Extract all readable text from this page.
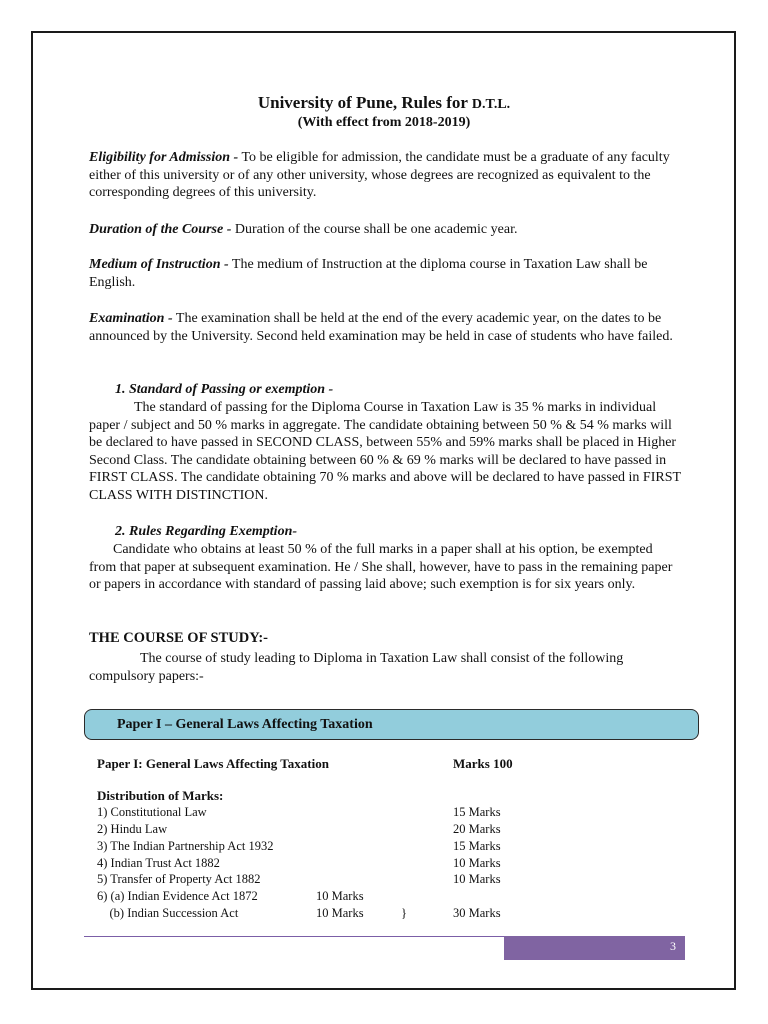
University of Pune, Rules for D.T.L.

(With effect from 2018-2019)

Eligibility for Admission - To be eligible for admission, the candidate must be a graduate of any faculty either of this university or of any other university, whose degrees are recognized as equivalent to the corresponding degrees of this university.

Duration of the Course - Duration of the course shall be one academic year.

Medium of Instruction - The medium of Instruction at the diploma course in Taxation Law shall be English.

Examination - The examination shall be held at the end of the every academic year, on the dates to be announced by the University. Second held examination may be held in case of students who have failed.

1. Standard of Passing or exemption -

The standard of passing for the Diploma Course in Taxation Law is 35 % marks in individual paper / subject and 50 % marks in aggregate. The candidate obtaining between 50 % & 54 % marks will be declared to have passed in SECOND CLASS, between 55% and 59% marks shall be placed in Higher Second Class. The candidate obtaining between 60 % & 69 % marks will be declared to have passed in FIRST CLASS. The candidate obtaining 70 % marks and above will be declared to have passed in FIRST CLASS WITH DISTINCTION.

2. Rules Regarding Exemption-

Candidate who obtains at least 50 % of the full marks in a paper shall at his option, be exempted from that paper at subsequent examination. He / She shall, however, have to pass in the remaining paper or papers in accordance with standard of passing laid above; such exemption is for six years only.

THE COURSE OF STUDY:-

The course of study leading to Diploma in Taxation Law shall consist of the following compulsory papers:-

Paper I – General Laws Affecting Taxation
Paper I: General Laws Affecting Taxation	Marks 100
Distribution of Marks:
1) Constitutional Law	15 Marks
2) Hindu Law	20 Marks
3) The Indian Partnership Act 1932	15 Marks
4) Indian Trust Act 1882	10 Marks
5) Transfer of Property Act 1882	10 Marks
6) (a) Indian Evidence Act 1872	10 Marks
(b) Indian Succession Act	10 Marks	}	30 Marks
3
